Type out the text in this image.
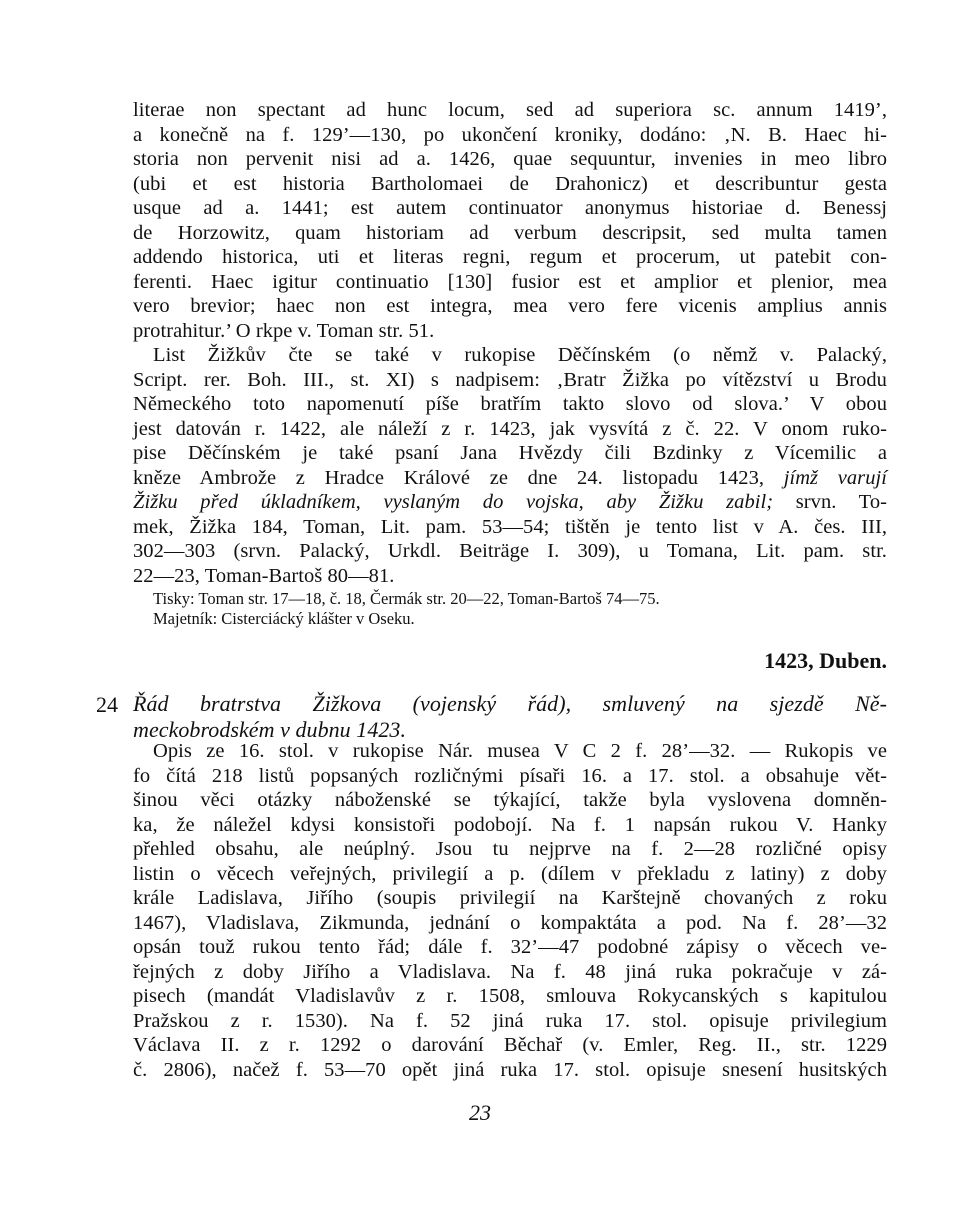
literae non spectant ad hunc locum, sed ad superiora sc. annum 1419’,
a konečně na f. 129’—130, po ukončení kroniky, dodáno: ‚N. B. Haec hi‑
storia non pervenit nisi ad a. 1426, quae sequuntur, invenies in meo libro
(ubi et est historia Bartholomaei de Drahonicz) et describuntur gesta
usque ad a. 1441; est autem continuator anonymus historiae d. Benessj
de Horzowitz, quam historiam ad verbum descripsit, sed multa tamen
addendo historica, uti et literas regni, regum et procerum, ut patebit con‑
ferenti. Haec igitur continuatio [130] fusior est et amplior et plenior, mea
vero brevior; haec non est integra, mea vero fere vicenis amplius annis
protrahitur.’ O rkpe v. Toman str. 51.
List Žižkův čte se také v rukopise Děčínském (o němž v. Palacký,
Script. rer. Boh. III., st. XI) s nadpisem: ‚Bratr Žižka po vítězství u Brodu
Německého toto napomenutí píše bratřím takto slovo od slova.’ V obou
jest datován r. 1422, ale náleží z r. 1423, jak vysvítá z č. 22. V onom ruko‑
pise Děčínském je také psaní Jana Hvězdy čili Bzdinky z Vícemilic a
kněze Ambrože z Hradce Králové ze dne 24. listopadu 1423, jímž varují
Žižku před úkladníkem, vyslaným do vojska, aby Žižku zabil; srvn. To‑
mek, Žižka 184, Toman, Lit. pam. 53—54; tištěn je tento list v A. čes. III,
302—303 (srvn. Palacký, Urkdl. Beiträge I. 309), u Tomana, Lit. pam. str.
22—23, Toman‑Bartoš 80—81.
Tisky: Toman str. 17—18, č. 18, Čermák str. 20—22, Toman‑Bartoš 74—75.
Majetník: Cisterciácký klášter v Oseku.
1423, Duben.
24 Řád bratrstva Žižkova (vojenský řád), smluvený na sjezdě Ně‑
meckobrodském v dubnu 1423.
Opis ze 16. stol. v rukopise Nár. musea V C 2 f. 28’—32. — Rukopis ve
fo čítá 218 listů popsaných rozličnými písaři 16. a 17. stol. a obsahuje vět‑
šinou věci otázky náboženské se týkající, takže byla vyslovena domněn‑
ka, že náležel kdysi konsistoři podobojí. Na f. 1 napsán rukou V. Hanky
přehled obsahu, ale neúplný. Jsou tu nejprve na f. 2—28 rozličné opisy
listin o věcech veřejných, privilegií a p. (dílem v překladu z latiny) z doby
krále Ladislava, Jiřího (soupis privilegií na Karštejně chovaných z roku
1467), Vladislava, Zikmunda, jednání o kompaktáta a pod. Na f. 28’—32
opsán touž rukou tento řád; dále f. 32’—47 podobné zápisy o věcech ve‑
řejných z doby Jiřího a Vladislava. Na f. 48 jiná ruka pokračuje v zá‑
pisech (mandát Vladislavův z r. 1508, smlouva Rokycanských s kapitulou
Pražskou z r. 1530). Na f. 52 jiná ruka 17. stol. opisuje privilegium
Václava II. z r. 1292 o darování Běchař (v. Emler, Reg. II., str. 1229
č. 2806), načež f. 53—70 opět jiná ruka 17. stol. opisuje snesení husitských
23
